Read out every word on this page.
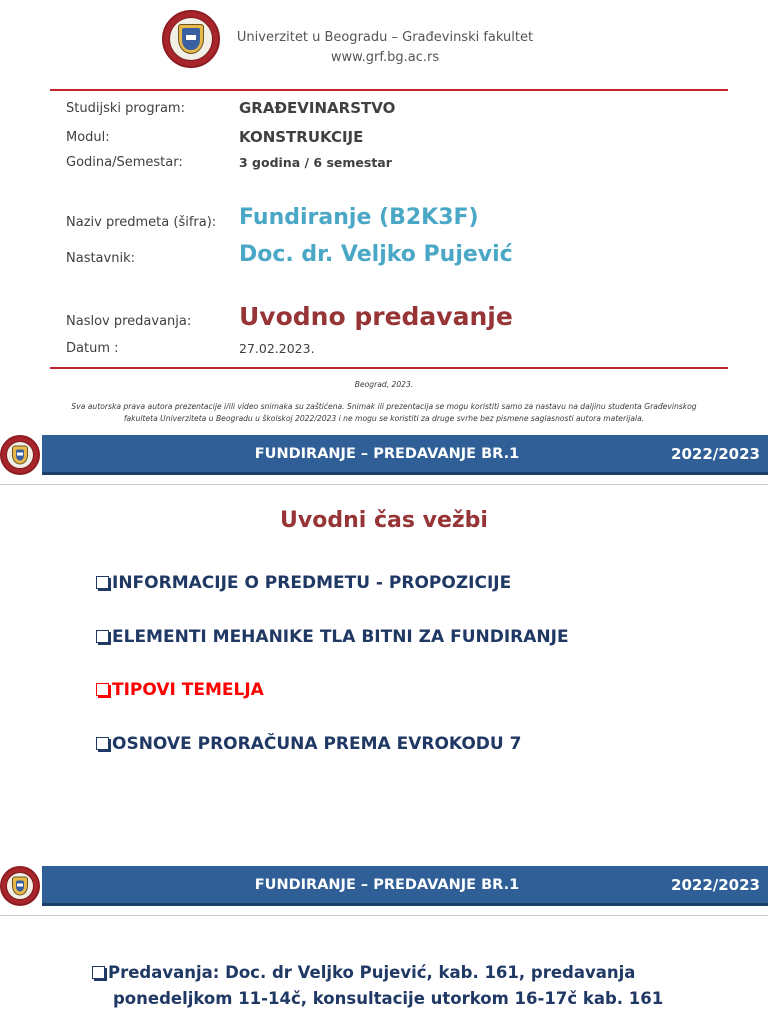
Univerzitet u Beogradu – Građevinski fakultet
www.grf.bg.ac.rs
Studijski program:	GRAĐEVINARSTVO
Modul:	KONSTRUKCIJE
Godina/Semestar:	3 godina / 6 semestar
Naziv predmeta (šifra): Fundiranje (B2K3F)
Nastavnik:	Doc. dr. Veljko Pujević
Naslov predavanja: Uvodno predavanje
Datum :	27.02.2023.
Beograd, 2023.
Sva autorska prava autora prezentacije i/ili video snimaka su zaštićena. Snimak ili prezentacija se mogu koristiti samo za nastavu na daljinu studenta Građevinskog
fakulteta Univerziteta u Beogradu u školskoj 2022/2023 i ne mogu se koristiti za druge svrhe bez pismene saglasnosti autora materijala.
FUNDIRANJE – PREDAVANJE BR.1	2022/2023
Uvodni čas vežbi
INFORMACIJE O PREDMETU - PROPOZICIJE
ELEMENTI MEHANIKE TLA BITNI ZA FUNDIRANJE
TIPOVI TEMELJA
OSNOVE PRORAČUNA PREMA EVROKODU 7
FUNDIRANJE – PREDAVANJE BR.1	2022/2023
Predavanja: Doc. dr Veljko Pujević, kab. 161, predavanja
ponedeljkom 11-14č, konsultacije utorkom 16-17č kab. 161
